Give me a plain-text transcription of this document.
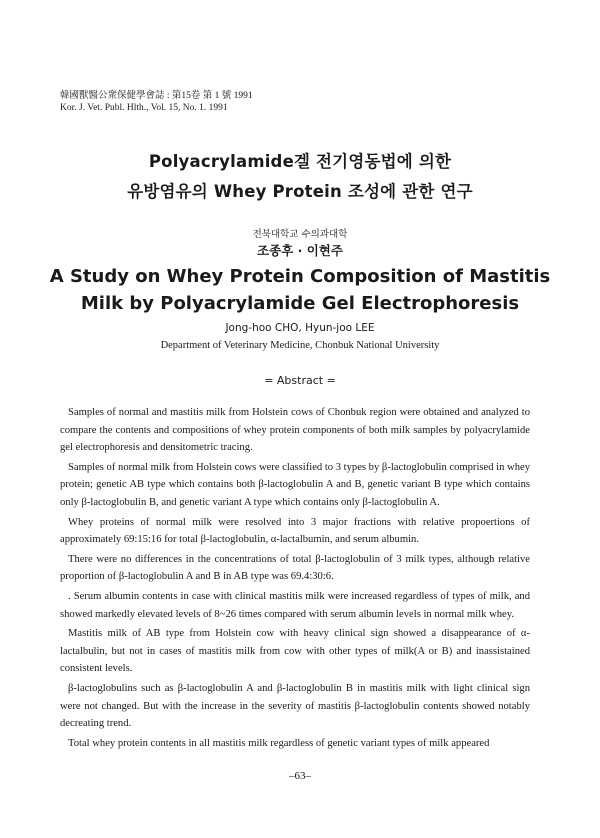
韓國獸醫公衆保健學會誌 : 第15卷 第 1 號 1991
Kor. J. Vet. Publ. Hlth., Vol. 15, No. 1. 1991
Polyacrylamide겔 전기영동법에 의한
유방염유의 Whey Protein 조성에 관한 연구
전북대학교 수의과대학
조종후 · 이현주
A Study on Whey Protein Composition of Mastitis
Milk by Polyacrylamide Gel Electrophoresis
Jong-hoo CHO, Hyun-joo LEE
Department of Veterinary Medicine, Chonbuk National University
= Abstract =

Samples of normal and mastitis milk from Holstein cows of Chonbuk region were obtained and analyzed to compare the contents and compositions of whey protein components of both milk samples by polyacrylamide gel electrophoresis and densitometric tracing.

Samples of normal milk from Holstein cows were classified to 3 types by β-lactoglobulin comprised in whey protein; genetic AB type which contains both β-lactoglobulin A and B, genetic variant B type which contains only β-lactoglobulin B, and genetic variant A type which contains only β-lactoglobulin A.

Whey proteins of normal milk were resolved into 3 major fractions with relative propoertions of approximately 69:15:16 for total β-lactoglobulin, α-lactalbumin, and serum albumin.

There were no differences in the concentrations of total β-lactoglobulin of 3 milk types, although relative proportion of β-lactoglobulin A and B in AB type was 69.4:30:6.

. Serum albumin contents in case with clinical mastitis milk were increased regardless of types of milk, and showed markedly elevated levels of 8~26 times compared with serum albumin levels in normal milk whey.

Mastitis milk of AB type from Holstein cow with heavy clinical sign showed a disappearance of α-lactalbulin, but not in cases of mastitis milk from cow with other types of milk(A or B) and inassistained consistent levels.

β-lactoglobulins such as β-lactoglobulin A and β-lactoglobulin B in mastitis milk with light clinical sign were not changed. But with the increase in the severity of mastitis β-lactoglobulin contents showed notably decreating trend.

Total whey protein contents in all mastitis milk regardless of genetic variant types of milk appeared

–63–
